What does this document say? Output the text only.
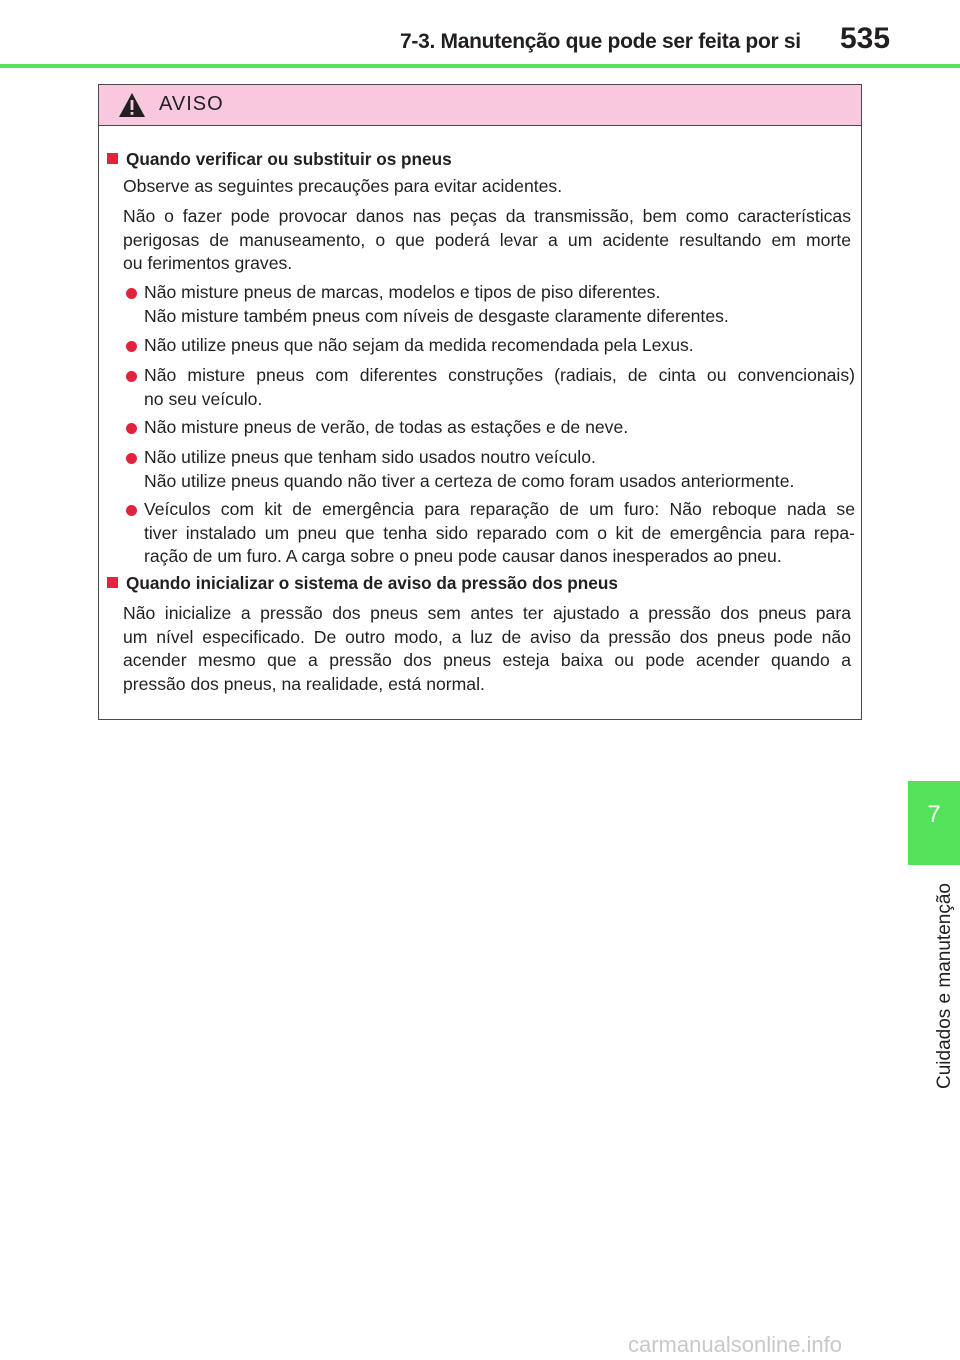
7-3. Manutenção que pode ser feita por si 535
7
Cuidados e manutenção
AVISO
Quando verificar ou substituir os pneus
Observe as seguintes precauções para evitar acidentes.
Não o fazer pode provocar danos nas peças da transmissão, bem como características
perigosas de manuseamento, o que poderá levar a um acidente resultando em morte
ou ferimentos graves.
Não misture pneus de marcas, modelos e tipos de piso diferentes.
Não misture também pneus com níveis de desgaste claramente diferentes.
Não utilize pneus que não sejam da medida recomendada pela Lexus.
Não misture pneus com diferentes construções (radiais, de cinta ou convencionais)
no seu veículo.
Não misture pneus de verão, de todas as estações e de neve.
Não utilize pneus que tenham sido usados noutro veículo.
Não utilize pneus quando não tiver a certeza de como foram usados anteriormente.
Veículos com kit de emergência para reparação de um furo: Não reboque nada se
tiver instalado um pneu que tenha sido reparado com o kit de emergência para repa-
ração de um furo. A carga sobre o pneu pode causar danos inesperados ao pneu.
Quando inicializar o sistema de aviso da pressão dos pneus
Não inicialize a pressão dos pneus sem antes ter ajustado a pressão dos pneus para
um nível especificado. De outro modo, a luz de aviso da pressão dos pneus pode não
acender mesmo que a pressão dos pneus esteja baixa ou pode acender quando a
pressão dos pneus, na realidade, está normal.
carmanualsonline.info
